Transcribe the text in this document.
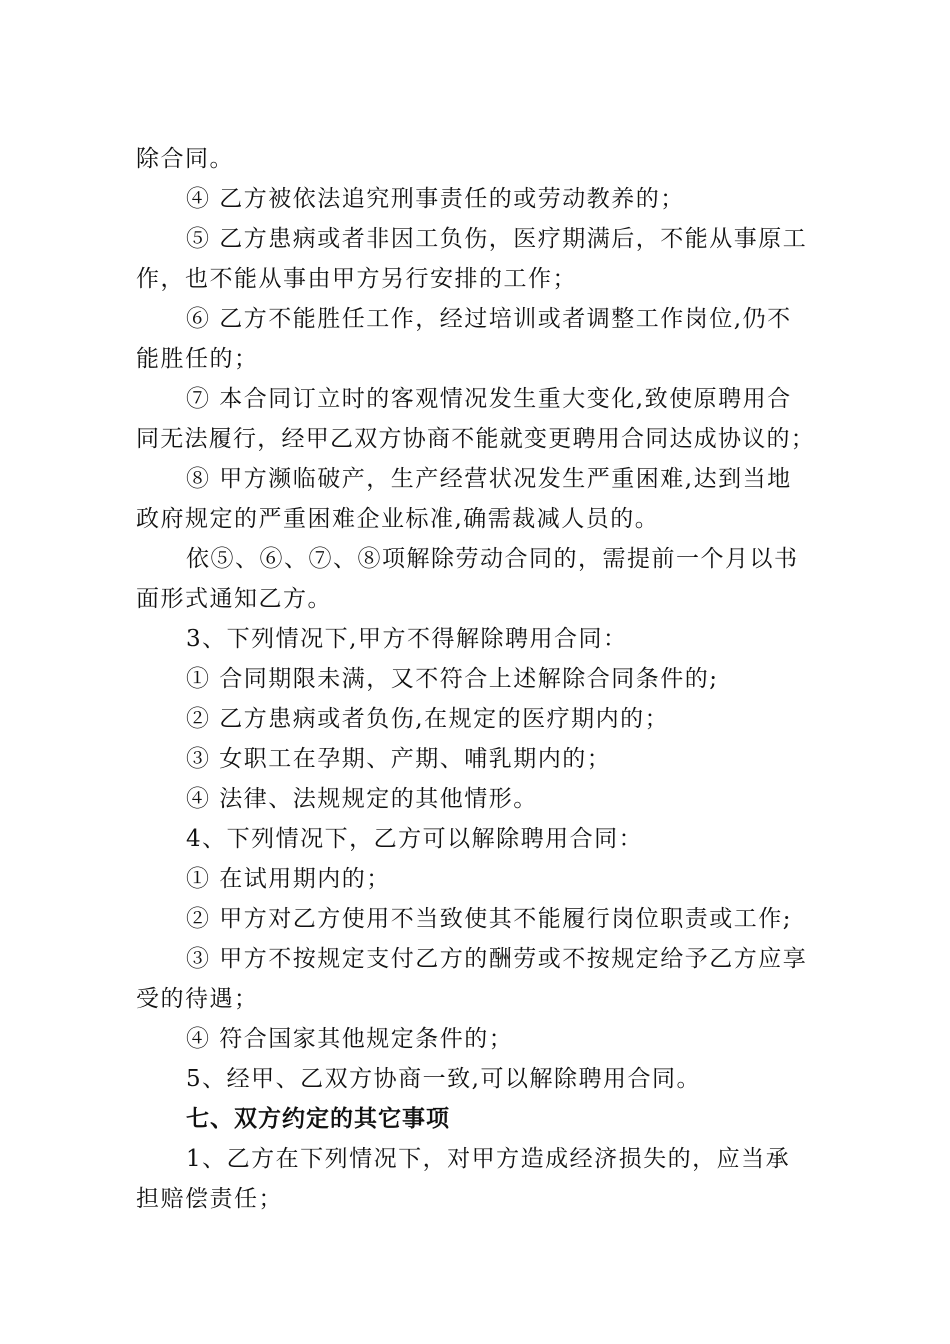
除合同。

④ 乙方被依法追究刑事责任的或劳动教养的；

⑤ 乙方患病或者非因工负伤，医疗期满后，不能从事原工

作，也不能从事由甲方另行安排的工作；

⑥ 乙方不能胜任工作，经过培训或者调整工作岗位,仍不

能胜任的；

⑦ 本合同订立时的客观情况发生重大变化,致使原聘用合

同无法履行，经甲乙双方协商不能就变更聘用合同达成协议的；

⑧ 甲方濒临破产，生产经营状况发生严重困难,达到当地

政府规定的严重困难企业标准,确需裁减人员的。

依⑤、⑥、⑦、⑧项解除劳动合同的，需提前一个月以书

面形式通知乙方。

3、下列情况下,甲方不得解除聘用合同：

① 合同期限未满，又不符合上述解除合同条件的;

② 乙方患病或者负伤,在规定的医疗期内的；

③ 女职工在孕期、产期、哺乳期内的；

④ 法律、法规规定的其他情形。

4、下列情况下，乙方可以解除聘用合同：

① 在试用期内的；

② 甲方对乙方使用不当致使其不能履行岗位职责或工作;

③ 甲方不按规定支付乙方的酬劳或不按规定给予乙方应享

受的待遇；

④ 符合国家其他规定条件的；

5、经甲、乙双方协商一致,可以解除聘用合同。

七、双方约定的其它事项

1、乙方在下列情况下，对甲方造成经济损失的，应当承

担赔偿责任；
